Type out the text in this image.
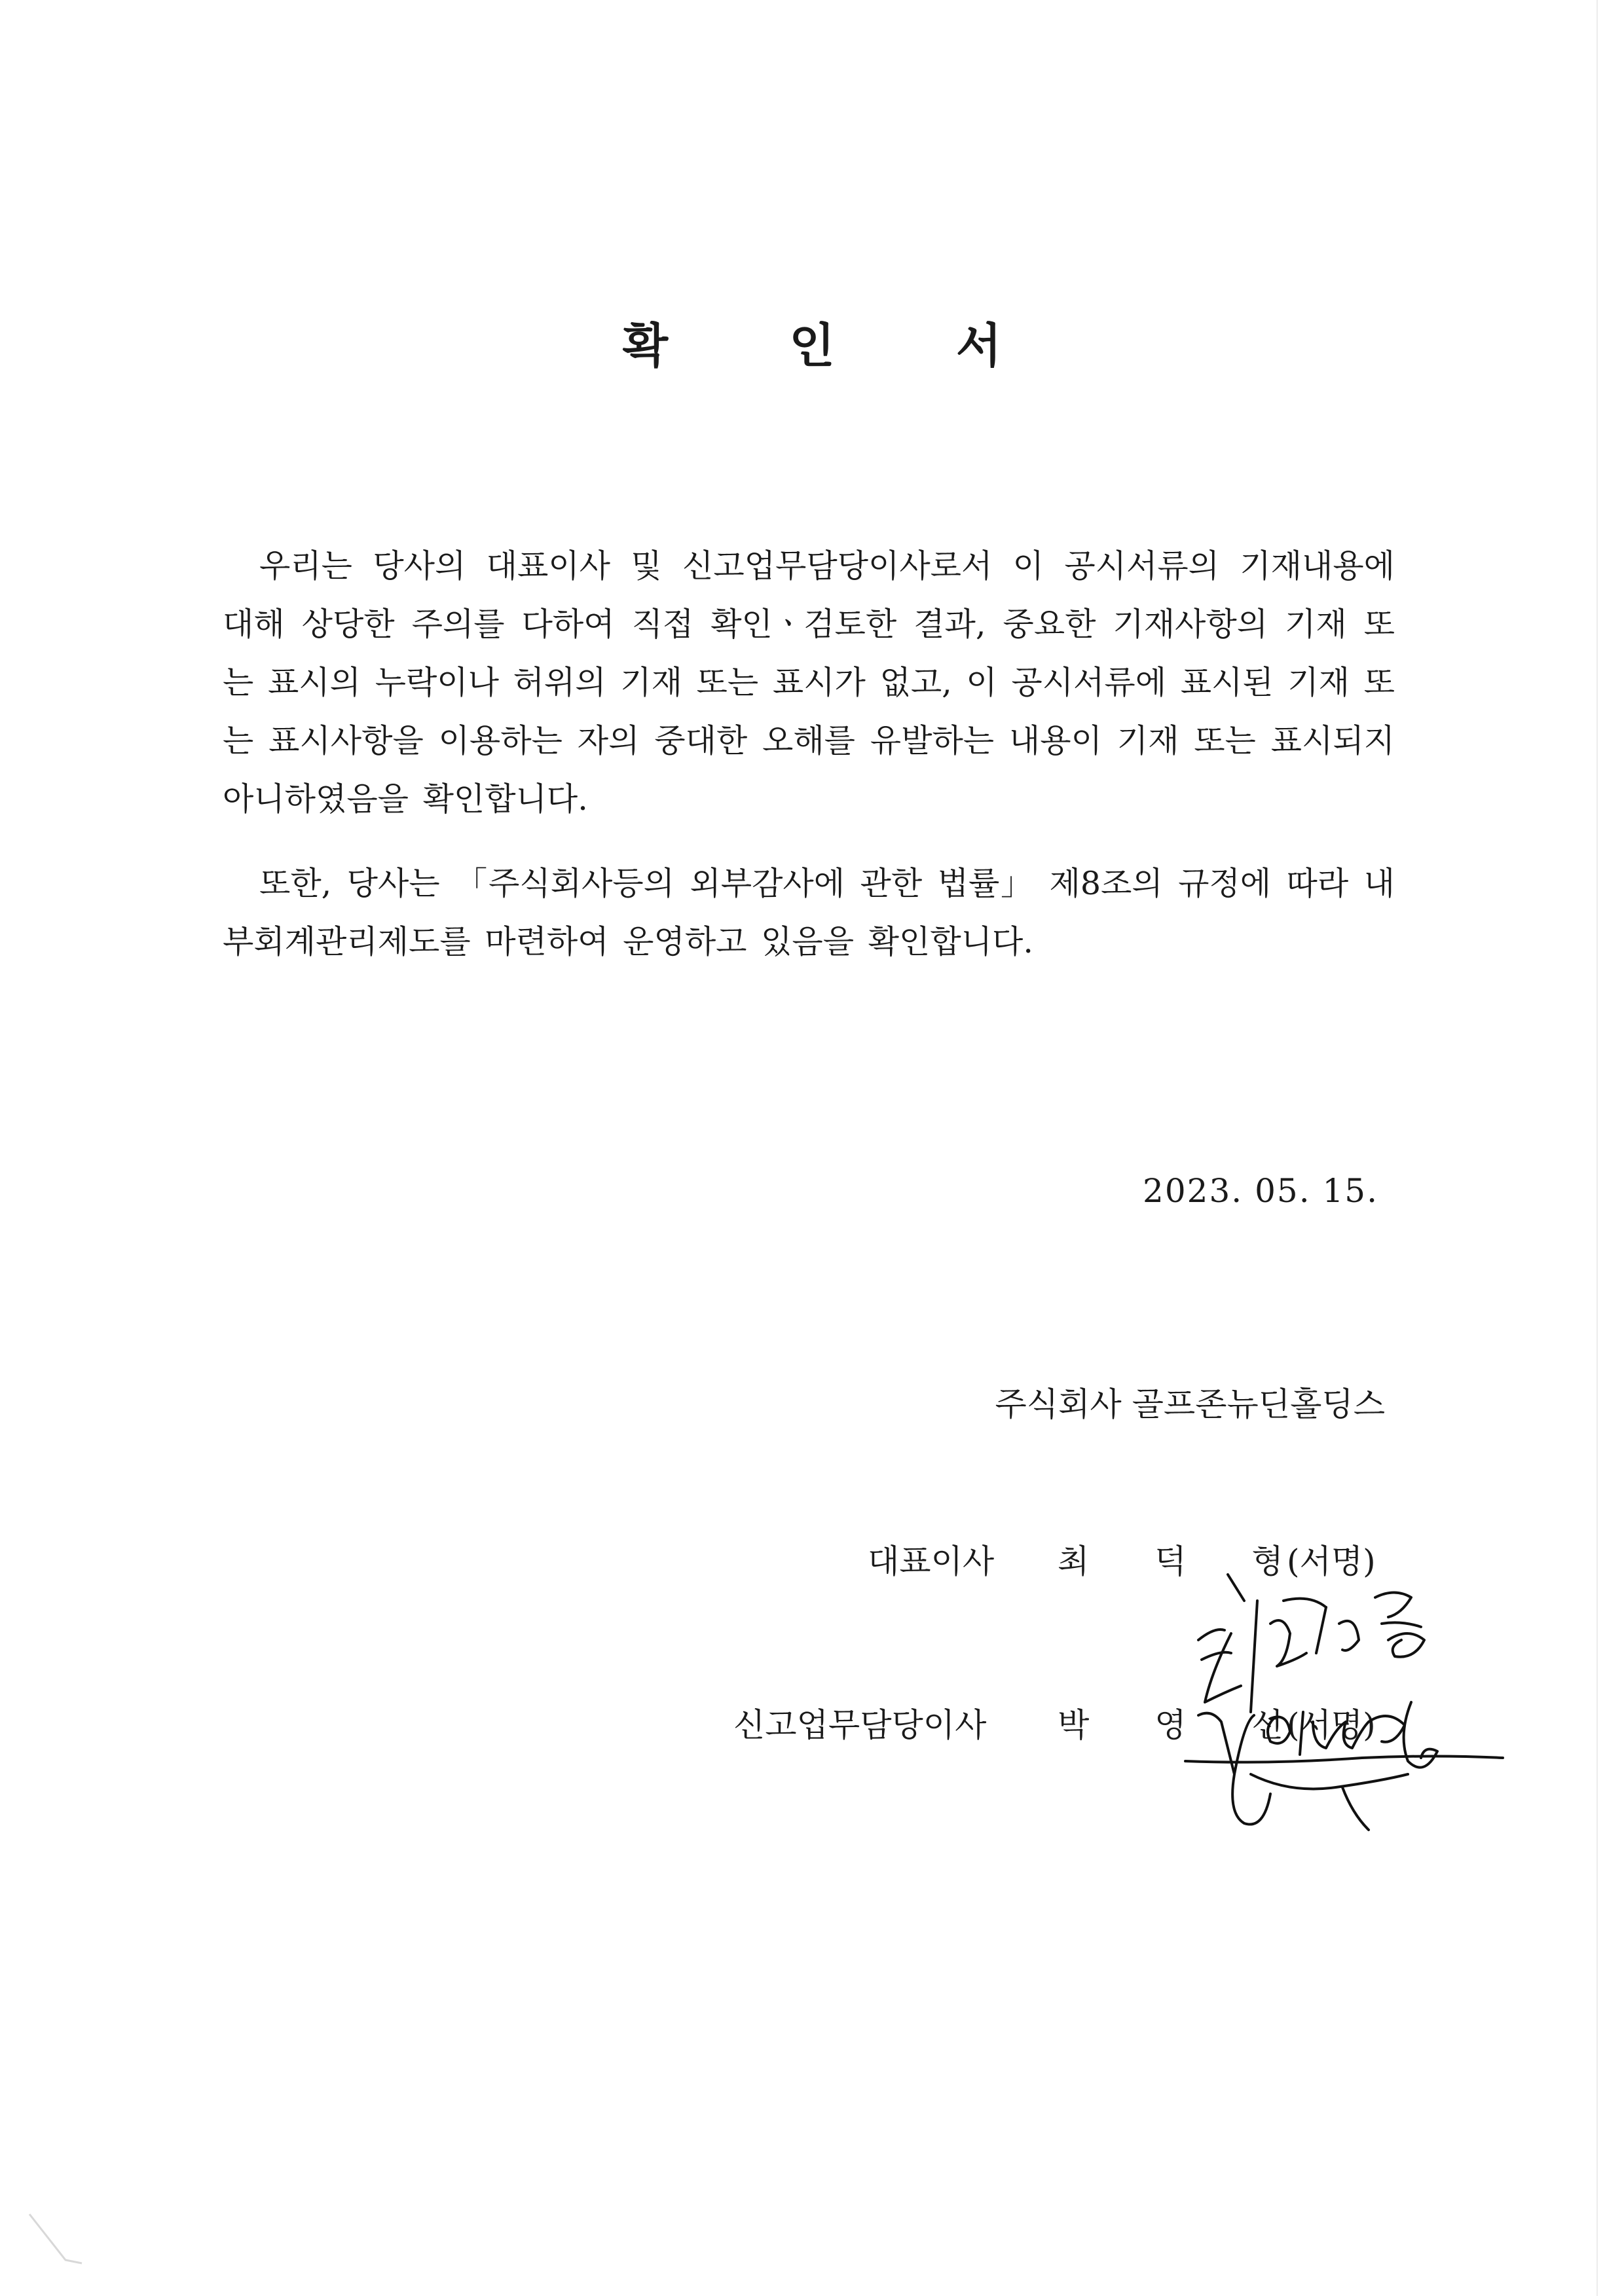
확 인 서
우리는 당사의 대표이사 및 신고업무담당이사로서 이 공시서류의 기재내용에 대해 상당한 주의를 다하여 직접 확인ㆍ검토한 결과, 중요한 기재사항의 기재 또는 표시의 누락이나 허위의 기재 또는 표시가 없고, 이 공시서류에 표시된 기재 또는 표시사항을 이용하는 자의 중대한 오해를 유발하는 내용이 기재 또는 표시되지 아니하였음을 확인합니다.
또한, 당사는 「주식회사등의 외부감사에 관한 법률」 제8조의 규정에 따라 내부회계관리제도를 마련하여 운영하고 있음을 확인합니다.
2023. 05. 15.
주식회사 골프존뉴딘홀딩스
대표이사 최 덕 형(서명)
신고업무담당이사 박 영 선(서명)
